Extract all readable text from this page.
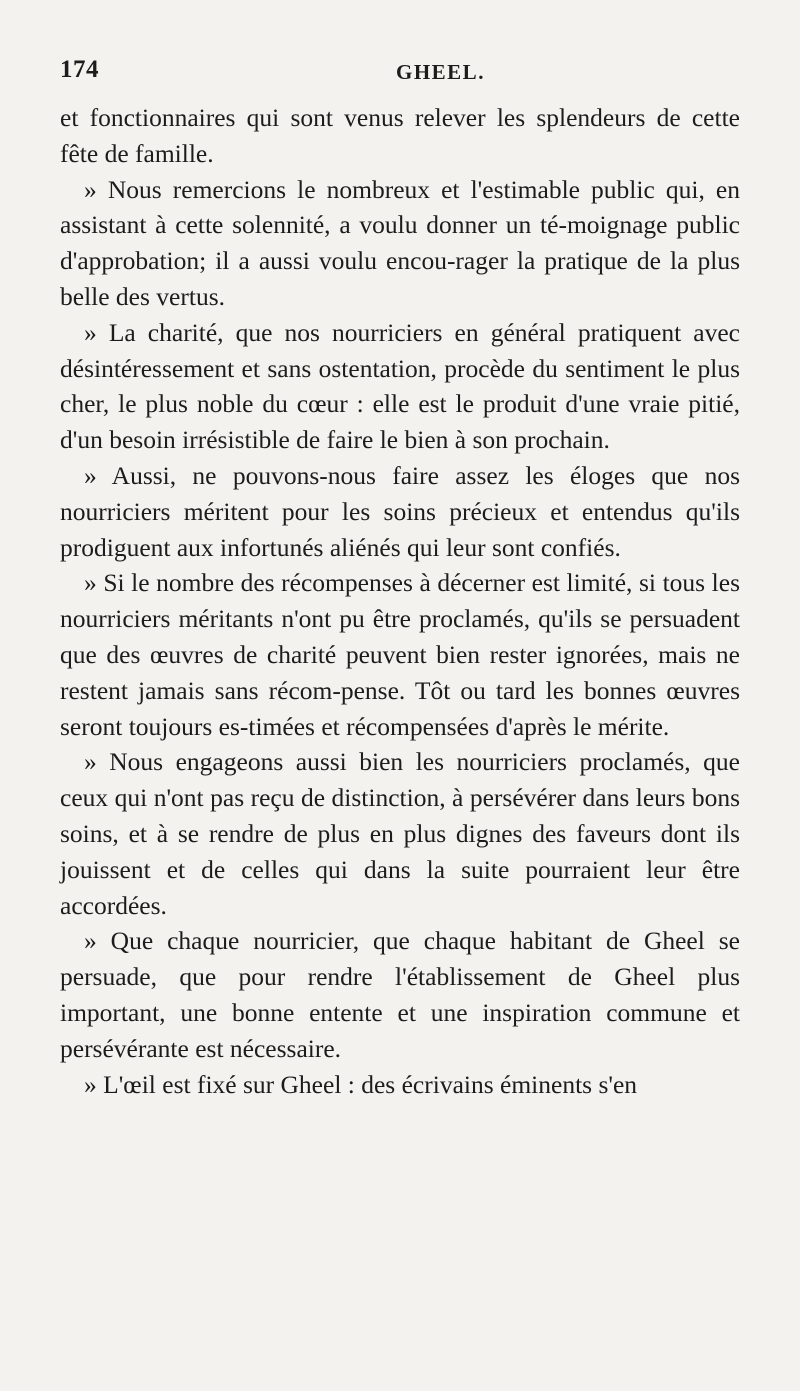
174	GHEEL.

et fonctionnaires qui sont venus relever les splendeurs de cette fête de famille.

» Nous remercions le nombreux et l'estimable public qui, en assistant à cette solennité, a voulu donner un té-moignage public d'approbation; il a aussi voulu encou-rager la pratique de la plus belle des vertus.

» La charité, que nos nourriciers en général pratiquent avec désintéressement et sans ostentation, procède du sentiment le plus cher, le plus noble du cœur : elle est le produit d'une vraie pitié, d'un besoin irrésistible de faire le bien à son prochain.

» Aussi, ne pouvons-nous faire assez les éloges que nos nourriciers méritent pour les soins précieux et entendus qu'ils prodiguent aux infortunés aliénés qui leur sont confiés.

» Si le nombre des récompenses à décerner est limité, si tous les nourriciers méritants n'ont pu être proclamés, qu'ils se persuadent que des œuvres de charité peuvent bien rester ignorées, mais ne restent jamais sans récom-pense. Tôt ou tard les bonnes œuvres seront toujours es-timées et récompensées d'après le mérite.

» Nous engageons aussi bien les nourriciers proclamés, que ceux qui n'ont pas reçu de distinction, à persévérer dans leurs bons soins, et à se rendre de plus en plus dignes des faveurs dont ils jouissent et de celles qui dans la suite pourraient leur être accordées.

» Que chaque nourricier, que chaque habitant de Gheel se persuade, que pour rendre l'établissement de Gheel plus important, une bonne entente et une inspiration commune et persévérante est nécessaire.

» L'œil est fixé sur Gheel : des écrivains éminents s'en
